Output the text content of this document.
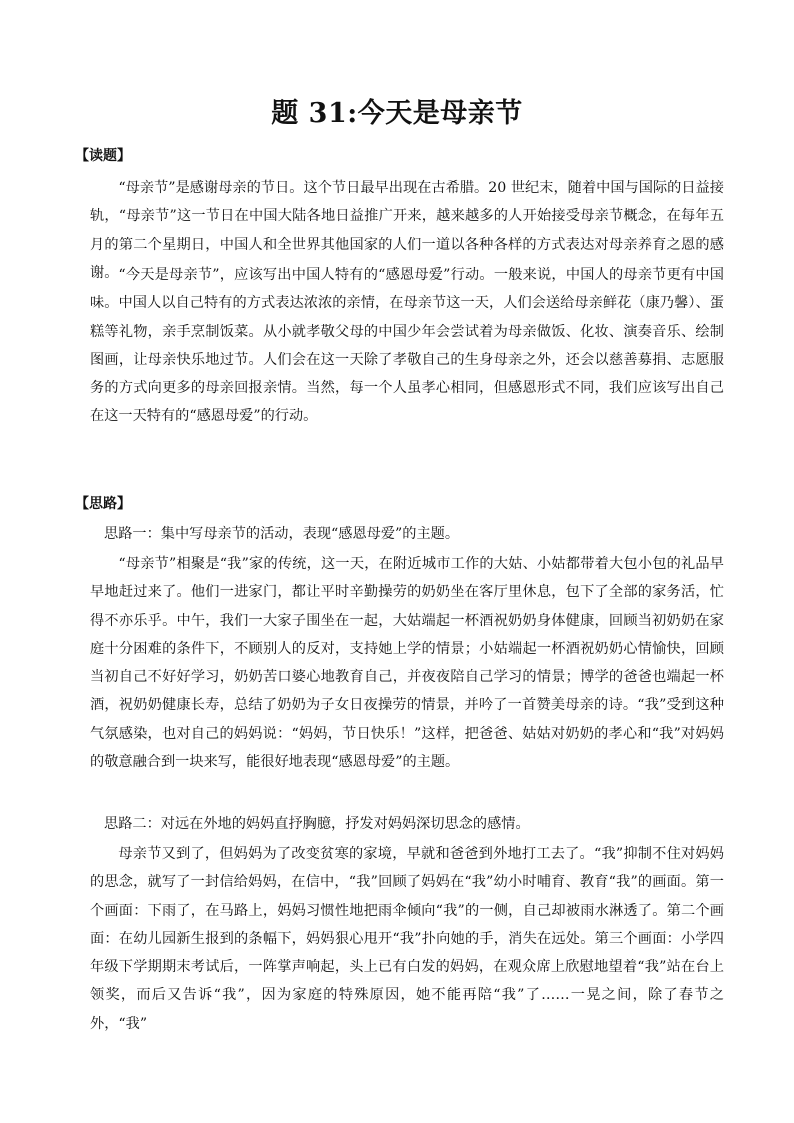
题 31:今天是母亲节
【读题】

“母亲节”是感谢母亲的节日。这个节日最早出现在古希腊。20 世纪末，随着中国与国际的日益接轨，“母亲节”这一节日在中国大陆各地日益推广开来，越来越多的人开始接受母亲节概念，在每年五月的第二个星期日，中国人和全世界其他国家的人们一道以各种各样的方式表达对母亲养育之恩的感谢。 “今天是母亲节”，应该写出中国人特有的“感恩母爱”行动。一般来说，中国人的母亲节更有中国味。中国人以自己特有的方式表达浓浓的亲情，在母亲节这一天，人们会送给母亲鲜花（康乃馨）、蛋糕等礼物，亲手烹制饭菜。从小就孝敬父母的中国少年会尝试着为母亲做饭、化妆、演奏音乐、绘制图画，让母亲快乐地过节。人们会在这一天除了孝敬自己的生身母亲之外，还会以慈善募捐、志愿服务的方式向更多的母亲回报亲情。当然，每一个人虽孝心相同，但感恩形式不同，我们应该写出自己在这一天特有的“感恩母爱”的行动。

【思路】

思路一：集中写母亲节的活动，表现“感恩母爱”的主题。

“母亲节”相聚是“我”家的传统，这一天，在附近城市工作的大姑、小姑都带着大包小包的礼品早早地赶过来了。他们一进家门，都让平时辛勤操劳的奶奶坐在客厅里休息，包下了全部的家务活，忙得不亦乐乎。中午，我们一大家子围坐在一起，大姑端起一杯酒祝奶奶身体健康，回顾当初奶奶在家庭十分困难的条件下，不顾别人的反对，支持她上学的情景；小姑端起一杯酒祝奶奶心情愉快，回顾当初自己不好好学习，奶奶苦口婆心地教育自己，并夜夜陪自己学习的情景；博学的爸爸也端起一杯酒，祝奶奶健康长寿，总结了奶奶为子女日夜操劳的情景，并吟了一首赞美母亲的诗。“我”受到这种气氛感染，也对自己的妈妈说：“妈妈，节日快乐！”这样，把爸爸、姑姑对奶奶的孝心和“我”对妈妈的敬意融合到一块来写，能很好地表现“感恩母爱”的主题。

思路二：对远在外地的妈妈直抒胸臆，抒发对妈妈深切思念的感情。

母亲节又到了，但妈妈为了改变贫寒的家境，早就和爸爸到外地打工去了。“我”抑制不住对妈妈的思念，就写了一封信给妈妈，在信中，“我”回顾了妈妈在“我”幼小时哺育、教育“我”的画面。第一个画面：下雨了，在马路上，妈妈习惯性地把雨伞倾向“我”的一侧，自己却被雨水淋透了。第二个画面：在幼儿园新生报到的条幅下，妈妈狠心甩开“我”扑向她的手，消失在远处。第三个画面：小学四年级下学期期末考试后，一阵掌声响起，头上已有白发的妈妈，在观众席上欣慰地望着“我”站在台上领奖，而后又告诉“我”，因为家庭的特殊原因，她不能再陪“我”了……一晃之间，除了春节之外，“我”
